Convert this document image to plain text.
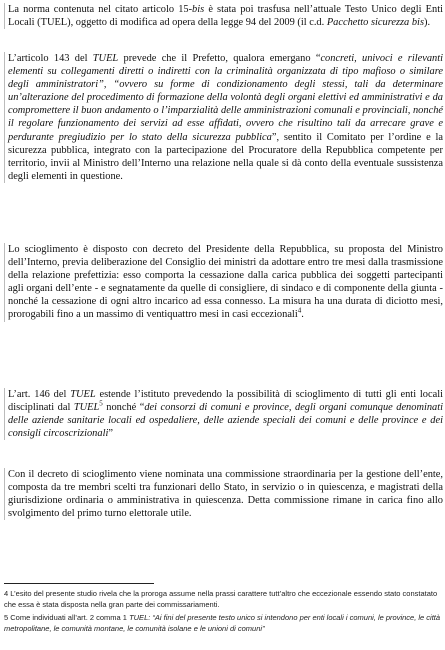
La norma contenuta nel citato articolo 15-bis è stata poi trasfusa nell’attuale Testo Unico degli Enti Locali (TUEL), oggetto di modifica ad opera della legge 94 del 2009 (il c.d. Pacchetto sicurezza bis).
L’articolo 143 del TUEL prevede che il Prefetto, qualora emergano “concreti, univoci e rilevanti elementi su collegamenti diretti o indiretti con la criminalità organizzata di tipo mafioso o similare degli amministratori”, “ovvero su forme di condizionamento degli stessi, tali da determinare un’alterazione del procedimento di formazione della volontà degli organi elettivi ed amministrativi e da compromettere il buon andamento o l’imparzialità delle amministrazioni comunali e provinciali, nonché il regolare funzionamento dei servizi ad esse affidati, ovvero che risultino tali da arrecare grave e perdurante pregiudizio per lo stato della sicurezza pubblica”, sentito il Comitato per l’ordine e la sicurezza pubblica, integrato con la partecipazione del Procuratore della Repubblica competente per territorio, invii al Ministro dell’Interno una relazione nella quale si dà conto della eventuale sussistenza degli elementi in questione.
Lo scioglimento è disposto con decreto del Presidente della Repubblica, su proposta del Ministro dell’Interno, previa deliberazione del Consiglio dei ministri da adottare entro tre mesi dalla trasmissione della relazione prefettizia: esso comporta la cessazione dalla carica pubblica dei soggetti partecipanti agli organi dell’ente - e segnatamente da quelle di consigliere, di sindaco e di componente della giunta - nonché la cessazione di ogni altro incarico ad essa connesso. La misura ha una durata di diciotto mesi, prorogabili fino a un massimo di ventiquattro mesi in casi eccezionali$^4$.
L’art. 146 del TUEL estende l’istituto prevedendo la possibilità di scioglimento di tutti gli enti locali disciplinati dal TUEL$^5$ nonché “dei consorzi di comuni e province, degli organi comunque denominati delle aziende sanitarie locali ed ospedaliere, delle aziende speciali dei comuni e delle province e dei consigli circoscrizionali”
Con il decreto di scioglimento viene nominata una commissione straordinaria per la gestione dell’ente, composta da tre membri scelti tra funzionari dello Stato, in servizio o in quiescenza, e magistrati della giurisdizione ordinaria o amministrativa in quiescenza. Detta commissione rimane in carica fino allo svolgimento del primo turno elettorale utile.
4 L’esito del presente studio rivela che la proroga assume nella prassi carattere tutt’altro che eccezionale essendo stato constatato che essa è stata disposta nella gran parte dei commissariamenti.
5 Come individuati all’art. 2 comma 1 TUEL: “Ai fini del presente testo unico si intendono per enti locali i comuni, le province, le città metropolitane, le comunità montane, le comunità isolane e le unioni di comuni”
